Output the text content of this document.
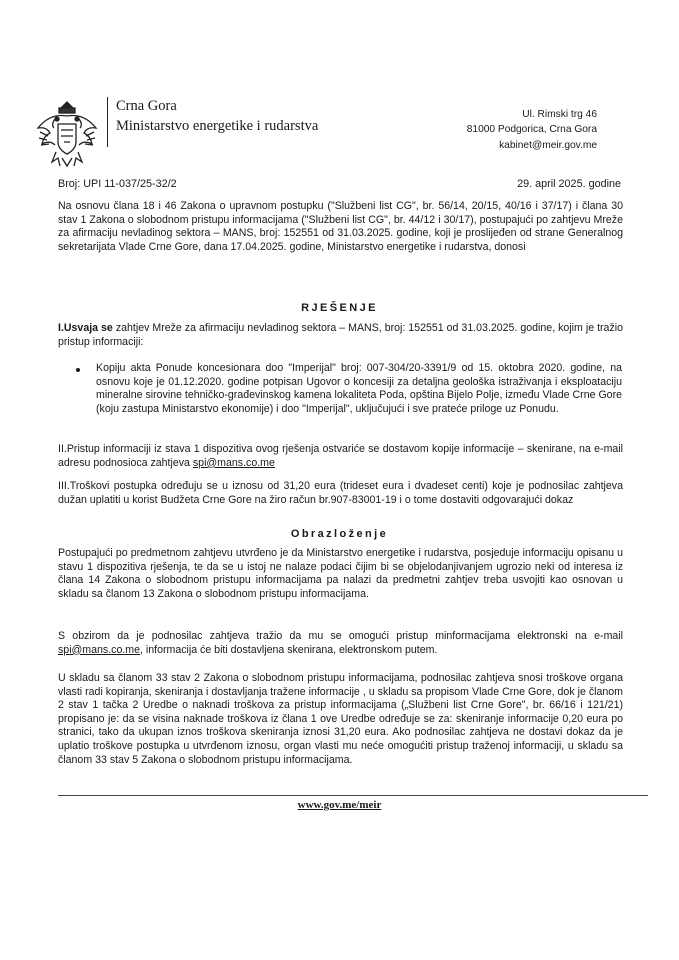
Crna Gora
Ministarstvo energetike i rudarstva
Ul. Rimski trg 46
81000 Podgorica, Crna Gora
kabinet@meir.gov.me
Broj: UPI 11-037/25-32/2	29. april 2025. godine

Na osnovu člana 18 i 46 Zakona o upravnom postupku ("Službeni list CG", br. 56/14, 20/15, 40/16 i 37/17) i člana 30 stav 1 Zakona o slobodnom pristupu informacijama ("Službeni list CG", br. 44/12 i 30/17), postupajući po zahtjevu Mreže za afirmaciju nevladinog sektora – MANS, broj: 152551 od 31.03.2025. godine, koji je proslijeđen od strane Generalnog sekretarijata Vlade Crne Gore, dana 17.04.2025. godine, Ministarstvo energetike i rudarstva, donosi

RJEŠENJE

I.Usvaja se zahtjev Mreže za afirmaciju nevladinog sektora – MANS, broj: 152551 od 31.03.2025. godine, kojim je tražio pristup informaciji:

Kopiju akta Ponude koncesionara doo "Imperijal" broj: 007-304/20-3391/9 od 15. oktobra 2020. godine, na osnovu koje je 01.12.2020. godine potpisan Ugovor o koncesiji za detaljna geološka istraživanja i eksploataciju mineralne sirovine tehničko-građevinskog kamena lokaliteta Poda, opština Bijelo Polje, između Vlade Crne Gore (koju zastupa Ministarstvo ekonomije) i doo "Imperijal", uključujući i sve prateće priloge uz Ponudu.

II.Pristup informaciji iz stava 1 dispozitiva ovog rješenja ostvariće se dostavom kopije informacije – skenirane, na e-mail adresu podnosioca zahtjeva spi@mans.co.me

III.Troškovi postupka određuju se u iznosu od 31,20 eura (trideset eura i dvadeset centi) koje je podnosilac zahtjeva dužan uplatiti u korist Budžeta Crne Gore na žiro račun br.907-83001-19 i o tome dostaviti odgovarajući dokaz

Obrazloženje

Postupajući po predmetnom zahtjevu utvrđeno je da Ministarstvo energetike i rudarstva, posjeduje informaciju opisanu u stavu 1 dispozitiva rješenja, te da se u istoj ne nalaze podaci čijim bi se objelodanjivanjem ugrozio neki od interesa iz člana 14 Zakona o slobodnom pristupu informacijama pa nalazi da predmetni zahtjev treba usvojiti kao osnovan u skladu sa članom 13 Zakona o slobodnom pristupu informacijama.

S obzirom da je podnosilac zahtjeva tražio da mu se omogući pristup minformacijama elektronski na e-mail spi@mans.co.me, informacija će biti dostavljena skenirana, elektronskom putem.

U skladu sa članom 33 stav 2 Zakona o slobodnom pristupu informacijama, podnosilac zahtjeva snosi troškove organa vlasti radi kopiranja, skeniranja i dostavljanja tražene informacije , u skladu sa propisom Vlade Crne Gore, dok je članom 2 stav 1 tačka 2 Uredbe o naknadi troškova za pristup informacijama („Službeni list Crne Gore", br. 66/16 i 121/21) propisano je: da se visina naknade troškova iz člana 1 ove Uredbe određuje se za: skeniranje informacije 0,20 eura po stranici, tako da ukupan iznos troškova skeniranja iznosi 31,20 eura. Ako podnosilac zahtjeva ne dostavi dokaz da je uplatio troškove postupka u utvrđenom iznosu, organ vlasti mu neće omogućiti pristup traženoj informaciji, u skladu sa članom 33 stav 5 Zakona o slobodnom pristupu informacijama.

www.gov.me/meir
